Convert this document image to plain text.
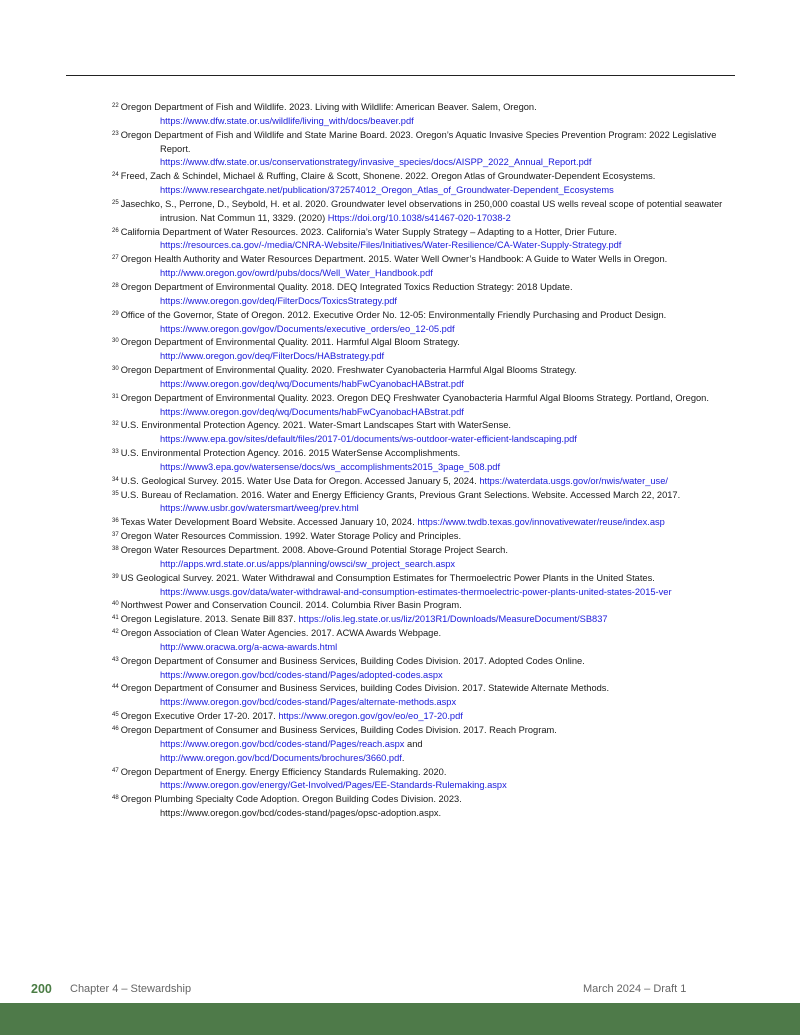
$^{22}$ Oregon Department of Fish and Wildlife. 2023. Living with Wildlife: American Beaver. Salem, Oregon.
https://www.dfw.state.or.us/wildlife/living_with/docs/beaver.pdf
$^{23}$ Oregon Department of Fish and Wildlife and State Marine Board. 2023. Oregon’s Aquatic Invasive Species Prevention Program: 2022 Legislative Report.
https://www.dfw.state.or.us/conservationstrategy/invasive_species/docs/AISPP_2022_Annual_Report.pdf
$^{24}$ Freed, Zach & Schindel, Michael & Ruffing, Claire & Scott, Shonene. 2022. Oregon Atlas of Groundwater-Dependent Ecosystems.
https://www.researchgate.net/publication/372574012_Oregon_Atlas_of_Groundwater-Dependent_Ecosystems
$^{25}$ Jasechko, S., Perrone, D., Seybold, H. et al. 2020. Groundwater level observations in 250,000 coastal US wells reveal scope of potential seawater intrusion. Nat Commun 11, 3329. (2020) Https://doi.org/10.1038/s41467-020-17038-2
$^{26}$ California Department of Water Resources. 2023. California’s Water Supply Strategy – Adapting to a Hotter, Drier Future.
https://resources.ca.gov/-/media/CNRA-Website/Files/Initiatives/Water-Resilience/CA-Water-Supply-Strategy.pdf
$^{27}$ Oregon Health Authority and Water Resources Department. 2015. Water Well Owner’s Handbook: A Guide to Water Wells in Oregon. http://www.oregon.gov/owrd/pubs/docs/Well_Water_Handbook.pdf
$^{28}$ Oregon Department of Environmental Quality. 2018. DEQ Integrated Toxics Reduction Strategy: 2018 Update.
https://www.oregon.gov/deq/FilterDocs/ToxicsStrategy.pdf
$^{29}$ Office of the Governor, State of Oregon. 2012. Executive Order No. 12-05: Environmentally Friendly Purchasing and Product Design. https://www.oregon.gov/gov/Documents/executive_orders/eo_12-05.pdf
$^{30}$ Oregon Department of Environmental Quality. 2011. Harmful Algal Bloom Strategy.
http://www.oregon.gov/deq/FilterDocs/HABstrategy.pdf
$^{30}$ Oregon Department of Environmental Quality. 2020. Freshwater Cyanobacteria Harmful Algal Blooms Strategy.
https://www.oregon.gov/deq/wq/Documents/habFwCyanobacHABstrat.pdf
$^{31}$ Oregon Department of Environmental Quality. 2023. Oregon DEQ Freshwater Cyanobacteria Harmful Algal Blooms Strategy. Portland, Oregon. https://www.oregon.gov/deq/wq/Documents/habFwCyanobacHABstrat.pdf
$^{32}$ U.S. Environmental Protection Agency. 2021. Water-Smart Landscapes Start with WaterSense.
https://www.epa.gov/sites/default/files/2017-01/documents/ws-outdoor-water-efficient-landscaping.pdf
$^{33}$ U.S. Environmental Protection Agency. 2016. 2015 WaterSense Accomplishments.
https://www3.epa.gov/watersense/docs/ws_accomplishments2015_3page_508.pdf
$^{34}$ U.S. Geological Survey. 2015. Water Use Data for Oregon. Accessed January 5, 2024. https://waterdata.usgs.gov/or/nwis/water_use/
$^{35}$ U.S. Bureau of Reclamation. 2016. Water and Energy Efficiency Grants, Previous Grant Selections. Website. Accessed March 22, 2017. https://www.usbr.gov/watersmart/weeg/prev.html
$^{36}$ Texas Water Development Board Website. Accessed January 10, 2024. https://www.twdb.texas.gov/innovativewater/reuse/index.asp
$^{37}$ Oregon Water Resources Commission. 1992. Water Storage Policy and Principles.
$^{38}$ Oregon Water Resources Department. 2008. Above-Ground Potential Storage Project Search.
http://apps.wrd.state.or.us/apps/planning/owsci/sw_project_search.aspx
$^{39}$ US Geological Survey. 2021. Water Withdrawal and Consumption Estimates for Thermoelectric Power Plants in the United States.
https://www.usgs.gov/data/water-withdrawal-and-consumption-estimates-thermoelectric-power-plants-united-states-2015-ver
$^{40}$ Northwest Power and Conservation Council. 2014. Columbia River Basin Program.
$^{41}$ Oregon Legislature. 2013. Senate Bill 837. https://olis.leg.state.or.us/liz/2013R1/Downloads/MeasureDocument/SB837
$^{42}$ Oregon Association of Clean Water Agencies. 2017. ACWA Awards Webpage.
http://www.oracwa.org/a-acwa-awards.html
$^{43}$ Oregon Department of Consumer and Business Services, Building Codes Division. 2017. Adopted Codes Online.
https://www.oregon.gov/bcd/codes-stand/Pages/adopted-codes.aspx
$^{44}$ Oregon Department of Consumer and Business Services, building Codes Division. 2017. Statewide Alternate Methods.
https://www.oregon.gov/bcd/codes-stand/Pages/alternate-methods.aspx
$^{45}$ Oregon Executive Order 17-20. 2017. https://www.oregon.gov/gov/eo/eo_17-20.pdf
$^{46}$ Oregon Department of Consumer and Business Services, Building Codes Division. 2017. Reach Program.
https://www.oregon.gov/bcd/codes-stand/Pages/reach.aspx and
http://www.oregon.gov/bcd/Documents/brochures/3660.pdf.
$^{47}$ Oregon Department of Energy. Energy Efficiency Standards Rulemaking. 2020.
https://www.oregon.gov/energy/Get-Involved/Pages/EE-Standards-Rulemaking.aspx
$^{48}$ Oregon Plumbing Specialty Code Adoption. Oregon Building Codes Division. 2023.
https://www.oregon.gov/bcd/codes-stand/pages/opsc-adoption.aspx.
200 Chapter 4 – Stewardship	March 2024 – Draft 1
